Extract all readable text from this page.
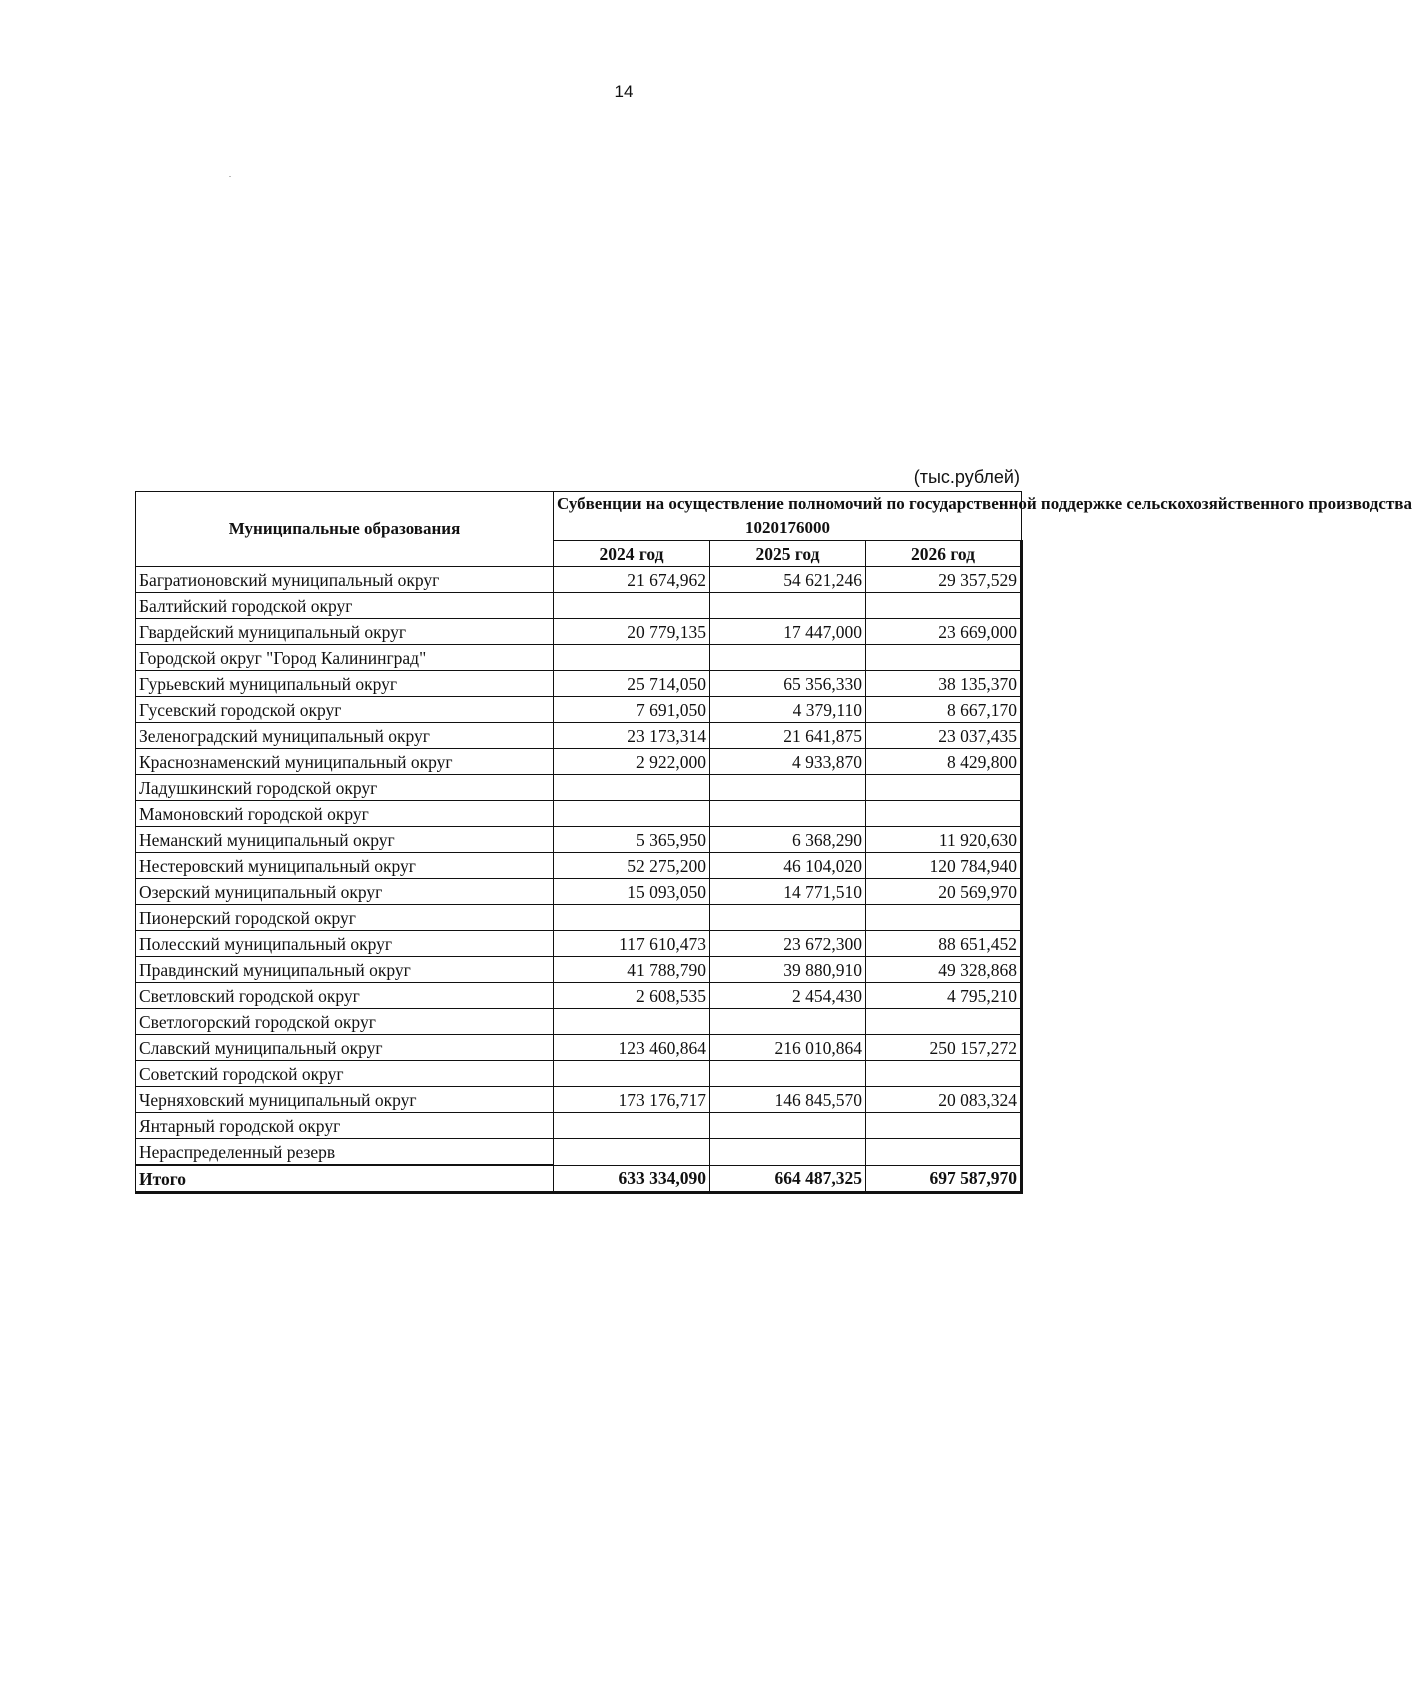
14
(тыс.рублей)
Муниципальные образования	Субвенции на осуществление полномочий по государственной поддержке сельскохозяйственного производства
1020176000		
	2024 год	2025 год	2026 год
Багратионовский муниципальный округ	21 674,962	54 621,246	29 357,529
Балтийский городской округ			
Гвардейский муниципальный округ	20 779,135	17 447,000	23 669,000
Городской округ "Город Калининград"			
Гурьевский муниципальный округ	25 714,050	65 356,330	38 135,370
Гусевский городской округ	7 691,050	4 379,110	8 667,170
Зеленоградский муниципальный округ	23 173,314	21 641,875	23 037,435
Краснознаменский муниципальный округ	2 922,000	4 933,870	8 429,800
Ладушкинский городской округ			
Мамоновский городской округ			
Неманский муниципальный округ	5 365,950	6 368,290	11 920,630
Нестеровский муниципальный округ	52 275,200	46 104,020	120 784,940
Озерский муниципальный округ	15 093,050	14 771,510	20 569,970
Пионерский городской округ			
Полесский муниципальный округ	117 610,473	23 672,300	88 651,452
Правдинский муниципальный округ	41 788,790	39 880,910	49 328,868
Светловский городской округ	2 608,535	2 454,430	4 795,210
Светлогорский городской округ			
Славский муниципальный округ	123 460,864	216 010,864	250 157,272
Советский городской округ			
Черняховский муниципальный округ	173 176,717	146 845,570	20 083,324
Янтарный городской округ			
Нераспределенный резерв			
Итого	633 334,090	664 487,325	697 587,970
